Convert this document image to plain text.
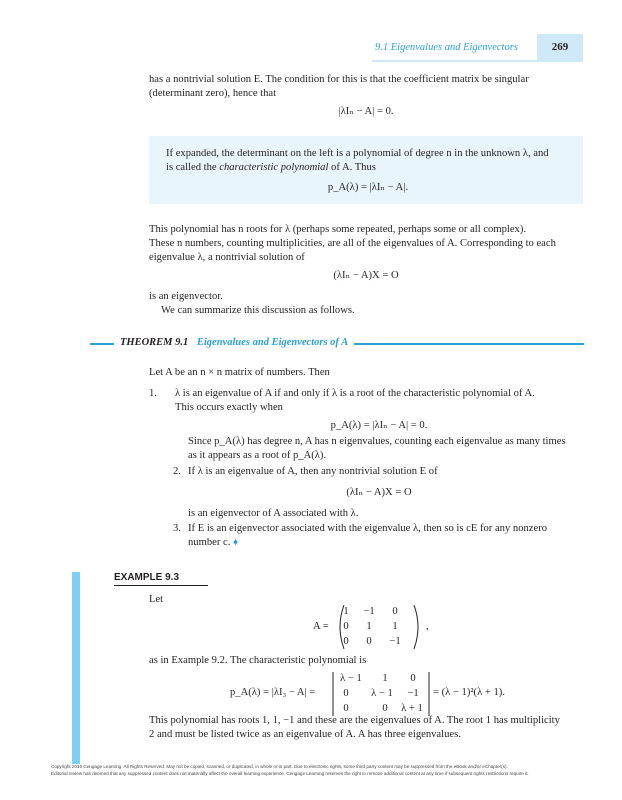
9.1 Eigenvalues and Eigenvectors	269

has a nontrivial solution E. The condition for this is that the coefficient matrix be singular

(determinant zero), hence that

|λIₙ − A| = 0.

If expanded, the determinant on the left is a polynomial of degree n in the unknown λ, and

is called the characteristic polynomial of A. Thus

p_A(λ) = |λIₙ − A|.

This polynomial has n roots for λ (perhaps some repeated, perhaps some or all complex).

These n numbers, counting multiplicities, are all of the eigenvalues of A. Corresponding to each

eigenvalue λ, a nontrivial solution of

(λIₙ − A)X = O

is an eigenvector.

We can summarize this discussion as follows.

THEOREM 9.1 Eigenvalues and Eigenvectors of A
Let A be an n × n matrix of numbers. Then
1. λ is an eigenvalue of A if and only if λ is a root of the characteristic polynomial of A.

This occurs exactly when

p_A(λ) = |λIₙ − A| = 0.

Since p_A(λ) has degree n, A has n eigenvalues, counting each eigenvalue as many times

as it appears as a root of p_A(λ).

2. If λ is an eigenvalue of A, then any nontrivial solution E of
(λIₙ − A)X = O
is an eigenvector of A associated with λ.
3. If E is an eigenvector associated with the eigenvalue λ, then so is cE for any nonzero

number c. ♦

EXAMPLE 9.3
Let
A =
1	−1	0
0	1	1
0	0	−1
,
as in Example 9.2. The characteristic polynomial is
p_A(λ) = |λI₃ − A| =
λ − 1	1	0
0	λ − 1	−1
0	0	λ + 1
= (λ − 1)²(λ + 1).

This polynomial has roots 1, 1, −1 and these are the eigenvalues of A. The root 1 has multiplicity

2 and must be listed twice as an eigenvalue of A. A has three eigenvalues.

Copyright 2010 Cengage Learning. All Rights Reserved. May not be copied, scanned, or duplicated, in whole or in part. Due to electronic rights, some third party content may be suppressed from the eBook and/or eChapter(s).

Editorial review has deemed that any suppressed content does not materially affect the overall learning experience. Cengage Learning reserves the right to remove additional content at any time if subsequent rights restrictions require it.
